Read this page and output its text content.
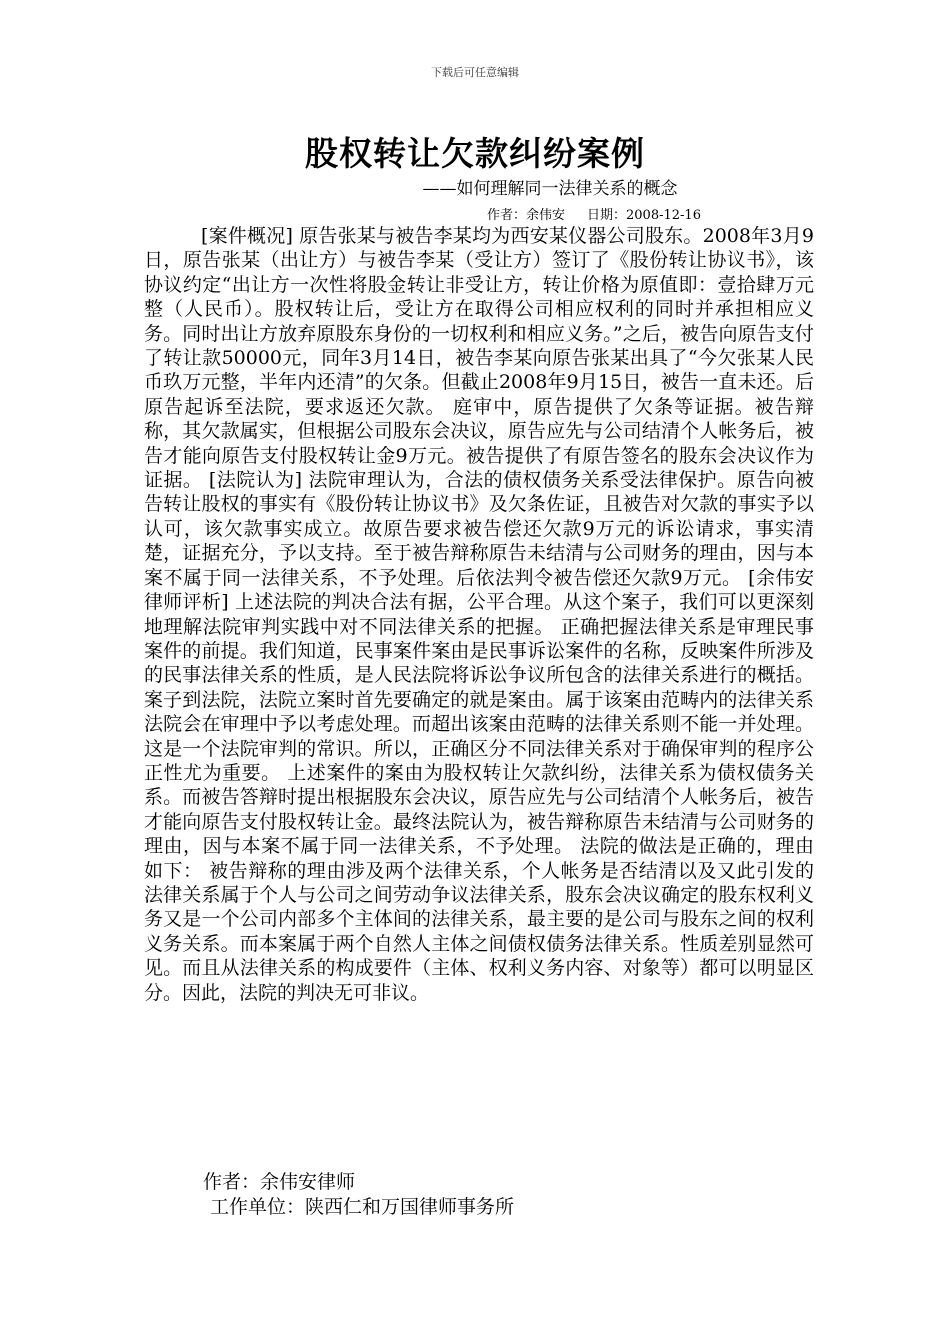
下载后可任意编辑
股权转让欠款纠纷案例
——如何理解同一法律关系的概念
作者：余伟安 日期：2008-12-16

[案件概况] 原告张某与被告李某均为西安某仪器公司股东。2008年3月9日，原告张某（出让方）与被告李某（受让方）签订了《股份转让协议书》，该协议约定“出让方一次性将股金转让非受让方，转让价格为原值即：壹拾肆万元整（人民币）。股权转让后，受让方在取得公司相应权利的同时并承担相应义务。同时出让方放弃原股东身份的一切权利和相应义务。”之后，被告向原告支付了转让款50000元，同年3月14日，被告李某向原告张某出具了“今欠张某人民币玖万元整，半年内还清”的欠条。但截止2008年9月15日，被告一直未还。后原告起诉至法院，要求返还欠款。 庭审中，原告提供了欠条等证据。被告辩称，其欠款属实，但根据公司股东会决议，原告应先与公司结清个人帐务后，被告才能向原告支付股权转让金9万元。被告提供了有原告签名的股东会决议作为证据。 [法院认为] 法院审理认为，合法的债权债务关系受法律保护。原告向被告转让股权的事实有《股份转让协议书》及欠条佐证，且被告对欠款的事实予以认可，该欠款事实成立。故原告要求被告偿还欠款9万元的诉讼请求，事实清楚，证据充分，予以支持。至于被告辩称原告未结清与公司财务的理由，因与本案不属于同一法律关系，不予处理。后依法判令被告偿还欠款9万元。 [余伟安律师评析] 上述法院的判决合法有据，公平合理。从这个案子，我们可以更深刻地理解法院审判实践中对不同法律关系的把握。 正确把握法律关系是审理民事案件的前提。我们知道，民事案件案由是民事诉讼案件的名称，反映案件所涉及的民事法律关系的性质，是人民法院将诉讼争议所包含的法律关系进行的概括。案子到法院，法院立案时首先要确定的就是案由。属于该案由范畴内的法律关系法院会在审理中予以考虑处理。而超出该案由范畴的法律关系则不能一并处理。这是一个法院审判的常识。所以，正确区分不同法律关系对于确保审判的程序公正性尤为重要。 上述案件的案由为股权转让欠款纠纷，法律关系为债权债务关系。而被告答辩时提出根据股东会决议，原告应先与公司结清个人帐务后，被告才能向原告支付股权转让金。最终法院认为，被告辩称原告未结清与公司财务的理由，因与本案不属于同一法律关系，不予处理。 法院的做法是正确的，理由如下： 被告辩称的理由涉及两个法律关系，个人帐务是否结清以及又此引发的法律关系属于个人与公司之间劳动争议法律关系，股东会决议确定的股东权利义务又是一个公司内部多个主体间的法律关系，最主要的是公司与股东之间的权利义务关系。而本案属于两个自然人主体之间债权债务法律关系。性质差别显然可见。而且从法律关系的构成要件（主体、权利义务内容、对象等）都可以明显区分。因此，法院的判决无可非议。

作者：余伟安律师
工作单位：陕西仁和万国律师事务所
